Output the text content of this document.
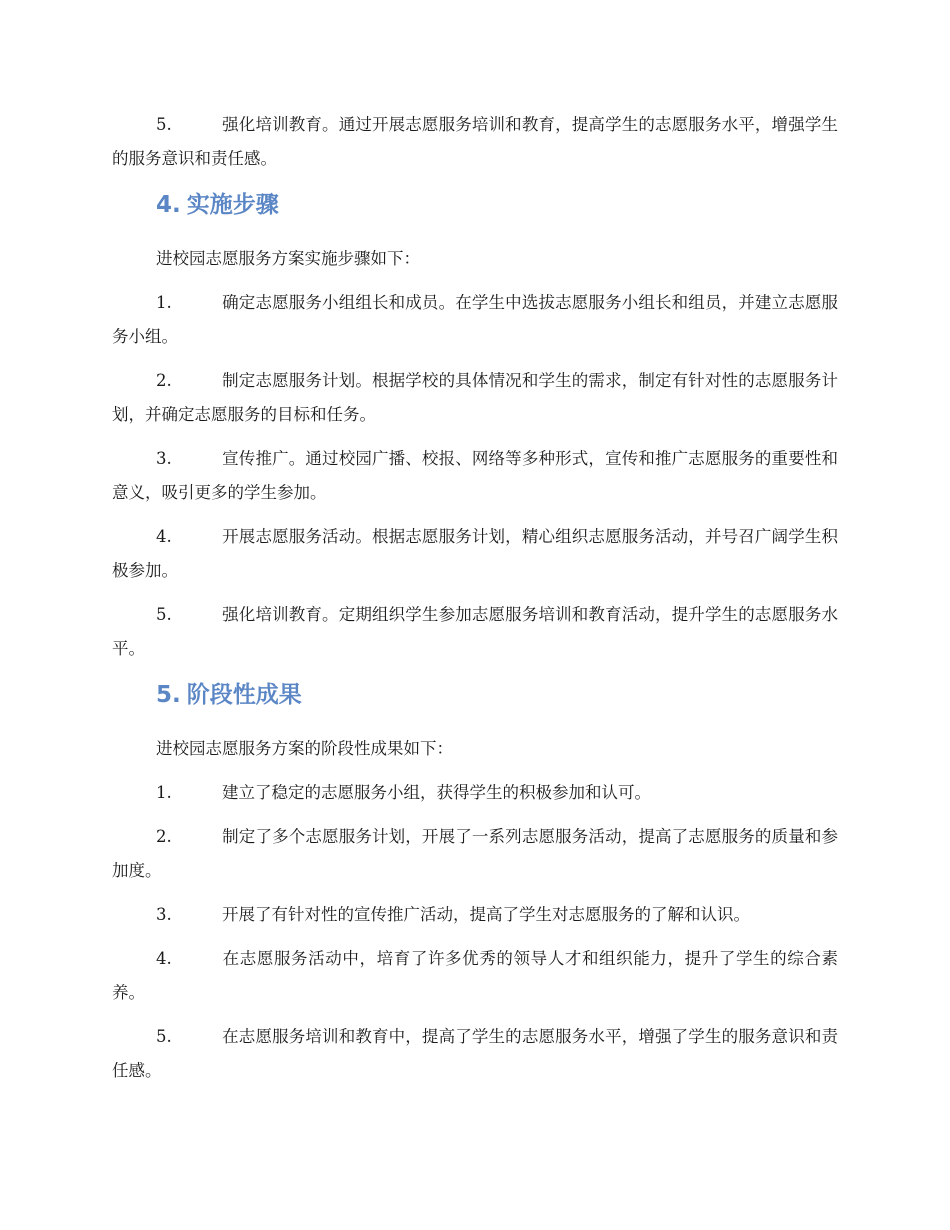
5.	强化培训教育。通过开展志愿服务培训和教育，提高学生的志愿服务水平，增强学生的服务意识和责任感。

4. 实施步骤

进校园志愿服务方案实施步骤如下：

1.	确定志愿服务小组组长和成员。在学生中选拔志愿服务小组长和组员，并建立志愿服务小组。

2.	制定志愿服务计划。根据学校的具体情况和学生的需求，制定有针对性的志愿服务计划，并确定志愿服务的目标和任务。

3.	宣传推广。通过校园广播、校报、网络等多种形式，宣传和推广志愿服务的重要性和意义，吸引更多的学生参加。

4.	开展志愿服务活动。根据志愿服务计划，精心组织志愿服务活动，并号召广阔学生积极参加。

5.	强化培训教育。定期组织学生参加志愿服务培训和教育活动，提升学生的志愿服务水平。

5. 阶段性成果

进校园志愿服务方案的阶段性成果如下：

1.	建立了稳定的志愿服务小组，获得学生的积极参加和认可。

2.	制定了多个志愿服务计划，开展了一系列志愿服务活动，提高了志愿服务的质量和参加度。

3.	开展了有针对性的宣传推广活动，提高了学生对志愿服务的了解和认识。

4.	在志愿服务活动中，培育了许多优秀的领导人才和组织能力，提升了学生的综合素养。

5.	在志愿服务培训和教育中，提高了学生的志愿服务水平，增强了学生的服务意识和责任感。
